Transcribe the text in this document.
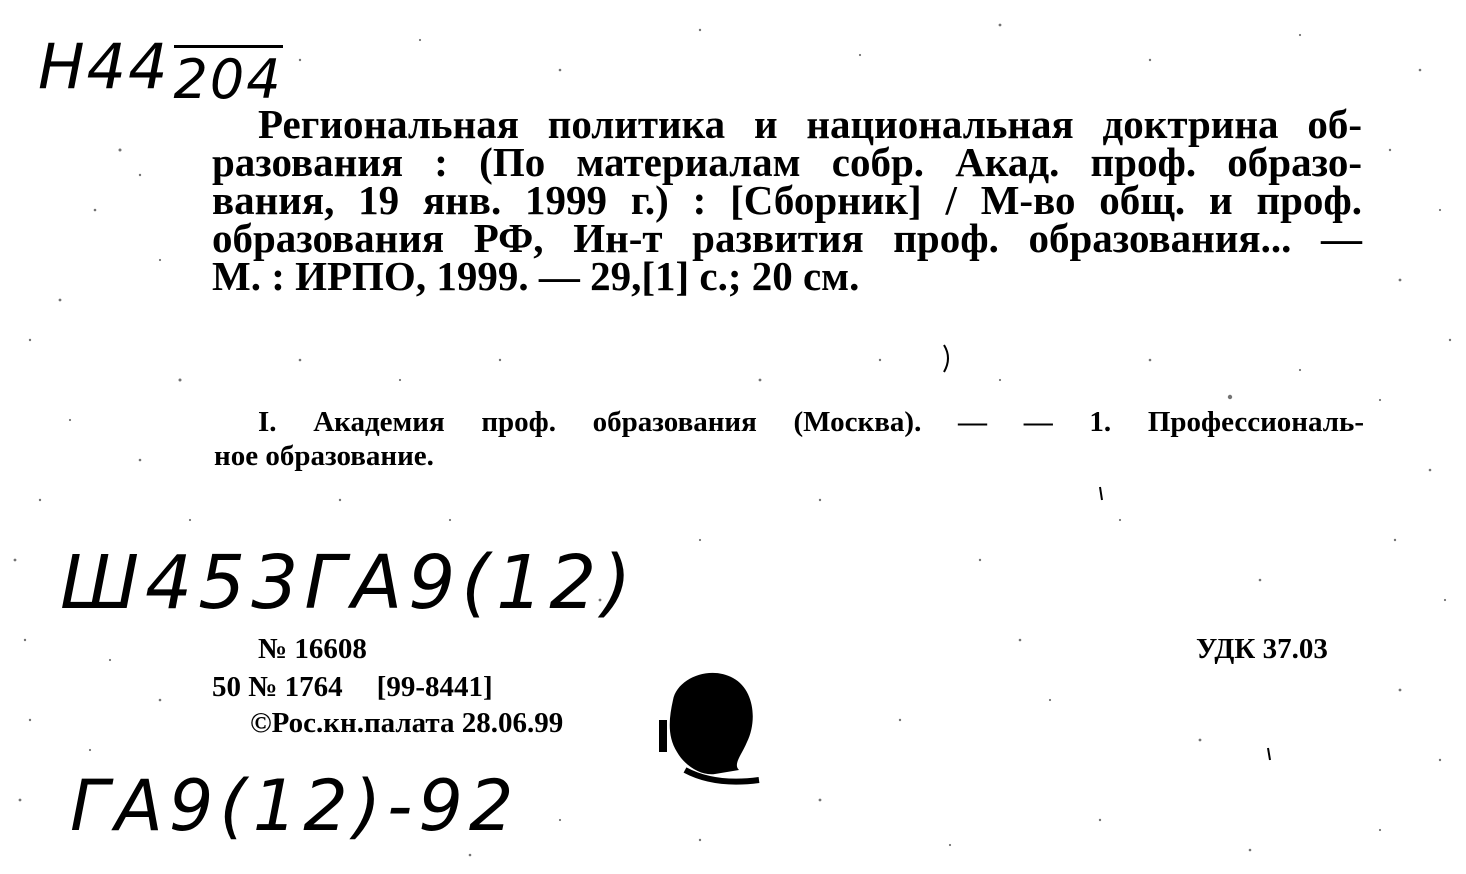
Н44204
Региональная политика и национальная доктрина об-
разования : (По материалам собр. Акад. проф. образо-
вания, 19 янв. 1999 г.) : [Сборник] / М-во общ. и проф.
образования РФ, Ин-т развития проф. образования... —
М. : ИРПО, 1999. — 29,[1] с.; 20 см.
I. Академия проф. образования (Москва). — — 1. Профессиональ-
ное образование.
Ш453ГА9(12)
№ 16608
50 № 1764 [99-8441]
©Рос.кн.палата 28.06.99
УДК 37.03
ГА9(12)-92
